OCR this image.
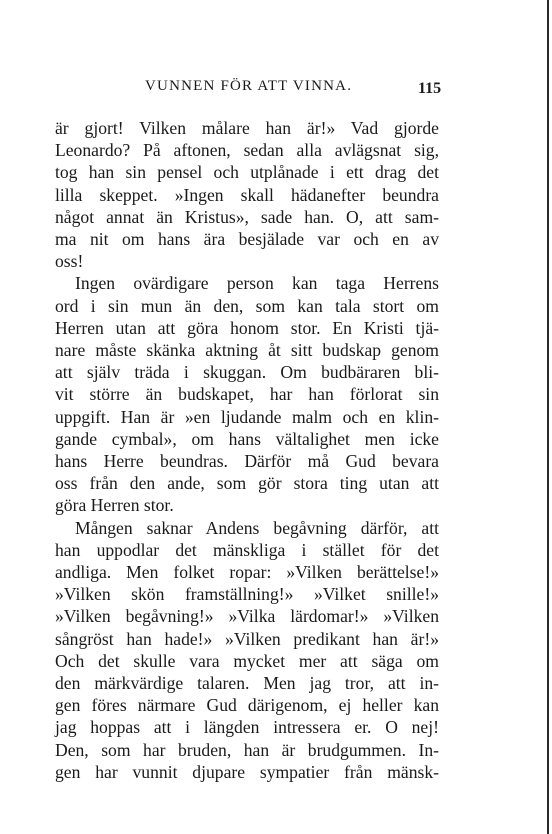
VUNNEN FÖR ATT VINNA.	115
är gjort! Vilken målare han är!» Vad gjorde
Leonardo? På aftonen, sedan alla avlägsnat sig,
tog han sin pensel och utplånade i ett drag det
lilla skeppet. »Ingen skall hädanefter beundra
något annat än Kristus», sade han. O, att sam-
ma nit om hans ära besjälade var och en av
oss!
Ingen ovärdigare person kan taga Herrens
ord i sin mun än den, som kan tala stort om
Herren utan att göra honom stor. En Kristi tjä-
nare måste skänka aktning åt sitt budskap genom
att själv träda i skuggan. Om budbäraren bli-
vit större än budskapet, har han förlorat sin
uppgift. Han är »en ljudande malm och en klin-
gande cymbal», om hans vältalighet men icke
hans Herre beundras. Därför må Gud bevara
oss från den ande, som gör stora ting utan att
göra Herren stor.
Mången saknar Andens begåvning därför, att
han uppodlar det mänskliga i stället för det
andliga. Men folket ropar: »Vilken berättelse!»
»Vilken skön framställning!» »Vilket snille!»
»Vilken begåvning!» »Vilka lärdomar!» »Vilken
sångröst han hade!» »Vilken predikant han är!»
Och det skulle vara mycket mer att säga om
den märkvärdige talaren. Men jag tror, att in-
gen föres närmare Gud därigenom, ej heller kan
jag hoppas att i längden intressera er. O nej!
Den, som har bruden, han är brudgummen. In-
gen har vunnit djupare sympatier från mänsk-
